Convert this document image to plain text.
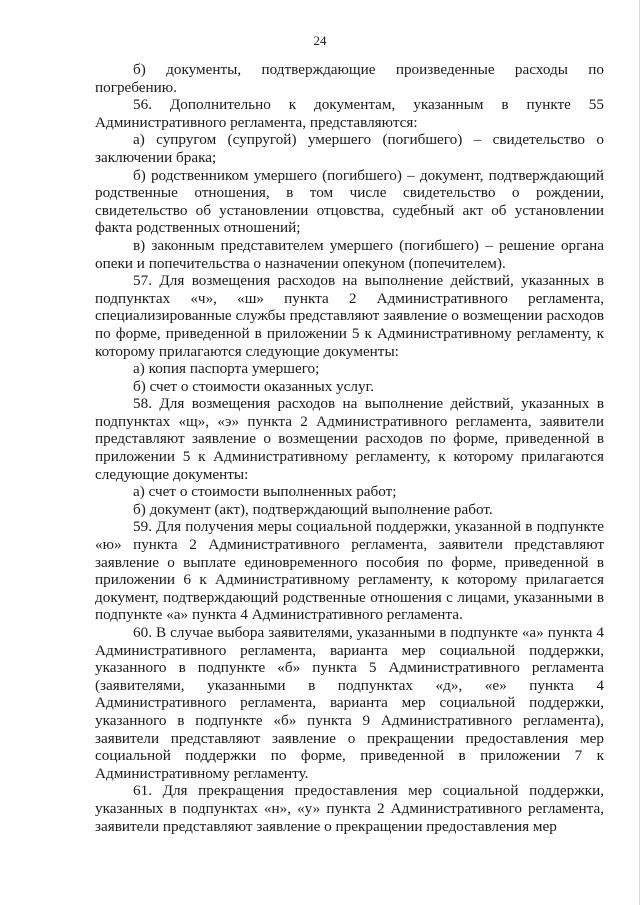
24

б) документы, подтверждающие произведенные расходы по погребению.

56. Дополнительно к документам, указанным в пункте 55 Административного регламента, представляются:

а) супругом (супругой) умершего (погибшего) – свидетельство о заключении брака;

б) родственником умершего (погибшего) – документ, подтверждающий родственные отношения, в том числе свидетельство о рождении, свидетельство об установлении отцовства, судебный акт об установлении факта родственных отношений;

в) законным представителем умершего (погибшего) – решение органа опеки и попечительства о назначении опекуном (попечителем).

57. Для возмещения расходов на выполнение действий, указанных в подпунктах «ч», «ш» пункта 2 Административного регламента, специализированные службы представляют заявление о возмещении расходов по форме, приведенной в приложении 5 к Административному регламенту, к которому прилагаются следующие документы:

а) копия паспорта умершего;

б) счет о стоимости оказанных услуг.

58. Для возмещения расходов на выполнение действий, указанных в подпунктах «щ», «э» пункта 2 Административного регламента, заявители представляют заявление о возмещении расходов по форме, приведенной в приложении 5 к Административному регламенту, к которому прилагаются следующие документы:

а) счет о стоимости выполненных работ;

б) документ (акт), подтверждающий выполнение работ.

59. Для получения меры социальной поддержки, указанной в подпункте «ю» пункта 2 Административного регламента, заявители представляют заявление о выплате единовременного пособия по форме, приведенной в приложении 6 к Административному регламенту, к которому прилагается документ, подтверждающий родственные отношения с лицами, указанными в подпункте «а» пункта 4 Административного регламента.

60. В случае выбора заявителями, указанными в подпункте «а» пункта 4 Административного регламента, варианта мер социальной поддержки, указанного в подпункте «б» пункта 5 Административного регламента (заявителями, указанными в подпунктах «д», «е» пункта 4 Административного регламента, варианта мер социальной поддержки, указанного в подпункте «б» пункта 9 Административного регламента), заявители представляют заявление о прекращении предоставления мер социальной поддержки по форме, приведенной в приложении 7 к Административному регламенту.

61. Для прекращения предоставления мер социальной поддержки, указанных в подпунктах «н», «у» пункта 2 Административного регламента, заявители представляют заявление о прекращении предоставления мер
